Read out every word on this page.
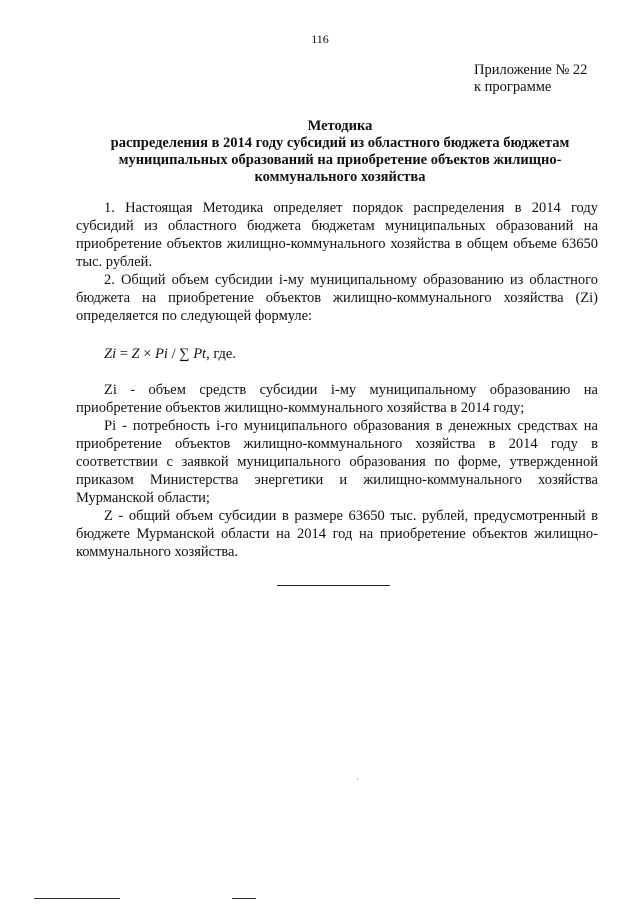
116
Приложение № 22
к программе
Методика
распределения в 2014 году субсидий из областного бюджета бюджетам
муниципальных образований на приобретение объектов жилищно-
коммунального хозяйства

1. Настоящая Методика определяет порядок распределения в 2014 году субсидий из областного бюджета бюджетам муниципальных образований на приобретение объектов жилищно-коммунального хозяйства в общем объеме 63650 тыс. рублей.

2. Общий объем субсидии i-му муниципальному образованию из областного бюджета на приобретение объектов жилищно-коммунального хозяйства (Zi) определяется по следующей формуле:

Zi = Z × Pi / ∑ Pt, где.

Zi - объем средств субсидии i-му муниципальному образованию на приобретение объектов жилищно-коммунального хозяйства в 2014 году;

Pi - потребность i-го муниципального образования в денежных средствах на приобретение объектов жилищно-коммунального хозяйства в 2014 году в соответствии с заявкой муниципального образования по форме, утвержденной приказом Министерства энергетики и жилищно-коммунального хозяйства Мурманской области;

Z - общий объем субсидии в размере 63650 тыс. рублей, предусмотренный в бюджете Мурманской области на 2014 год на приобретение объектов жилищно-коммунального хозяйства.
